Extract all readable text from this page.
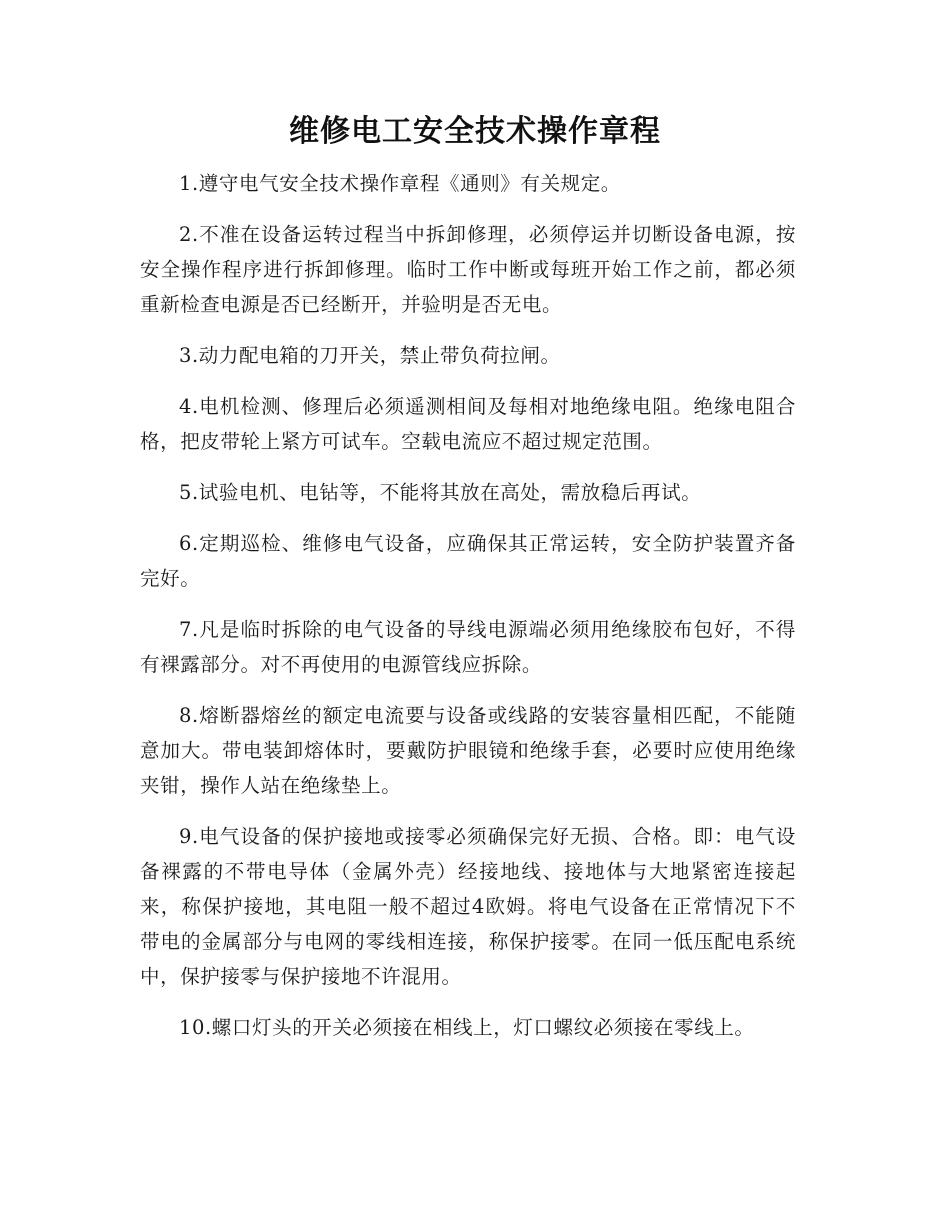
维修电工安全技术操作章程

1.遵守电气安全技术操作章程《通则》有关规定。

2.不准在设备运转过程当中拆卸修理，必须停运并切断设备电源，按安全操作程序进行拆卸修理。临时工作中断或每班开始工作之前，都必须重新检查电源是否已经断开，并验明是否无电。

3.动力配电箱的刀开关，禁止带负荷拉闸。

4.电机检测、修理后必须遥测相间及每相对地绝缘电阻。绝缘电阻合格，把皮带轮上紧方可试车。空载电流应不超过规定范围。

5.试验电机、电钻等，不能将其放在高处，需放稳后再试。

6.定期巡检、维修电气设备，应确保其正常运转，安全防护装置齐备完好。

7.凡是临时拆除的电气设备的导线电源端必须用绝缘胶布包好，不得有裸露部分。对不再使用的电源管线应拆除。

8.熔断器熔丝的额定电流要与设备或线路的安装容量相匹配，不能随意加大。带电装卸熔体时，要戴防护眼镜和绝缘手套，必要时应使用绝缘夹钳，操作人站在绝缘垫上。

9.电气设备的保护接地或接零必须确保完好无损、合格。即：电气设备裸露的不带电导体（金属外壳）经接地线、接地体与大地紧密连接起来，称保护接地，其电阻一般不超过4欧姆。将电气设备在正常情况下不带电的金属部分与电网的零线相连接，称保护接零。在同一低压配电系统中，保护接零与保护接地不许混用。

10.螺口灯头的开关必须接在相线上，灯口螺纹必须接在零线上。
